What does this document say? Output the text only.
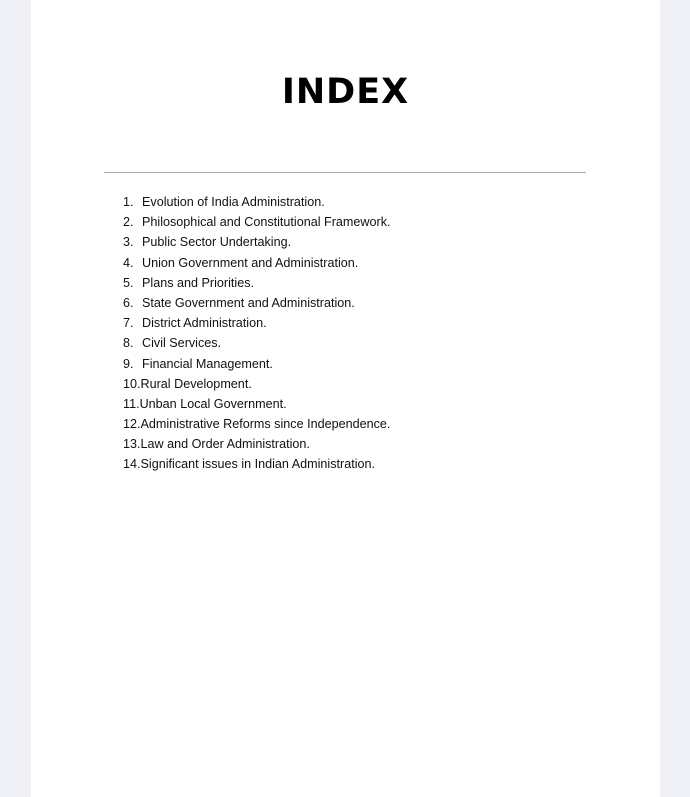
INDEX
1. Evolution of India Administration.
2. Philosophical and Constitutional Framework.
3. Public Sector Undertaking.
4. Union Government and Administration.
5. Plans and Priorities.
6. State Government and Administration.
7. District Administration.
8. Civil Services.
9. Financial Management.
10. Rural Development.
11. Unban Local Government.
12. Administrative Reforms since Independence.
13. Law and Order Administration.
14. Significant issues in Indian Administration.
